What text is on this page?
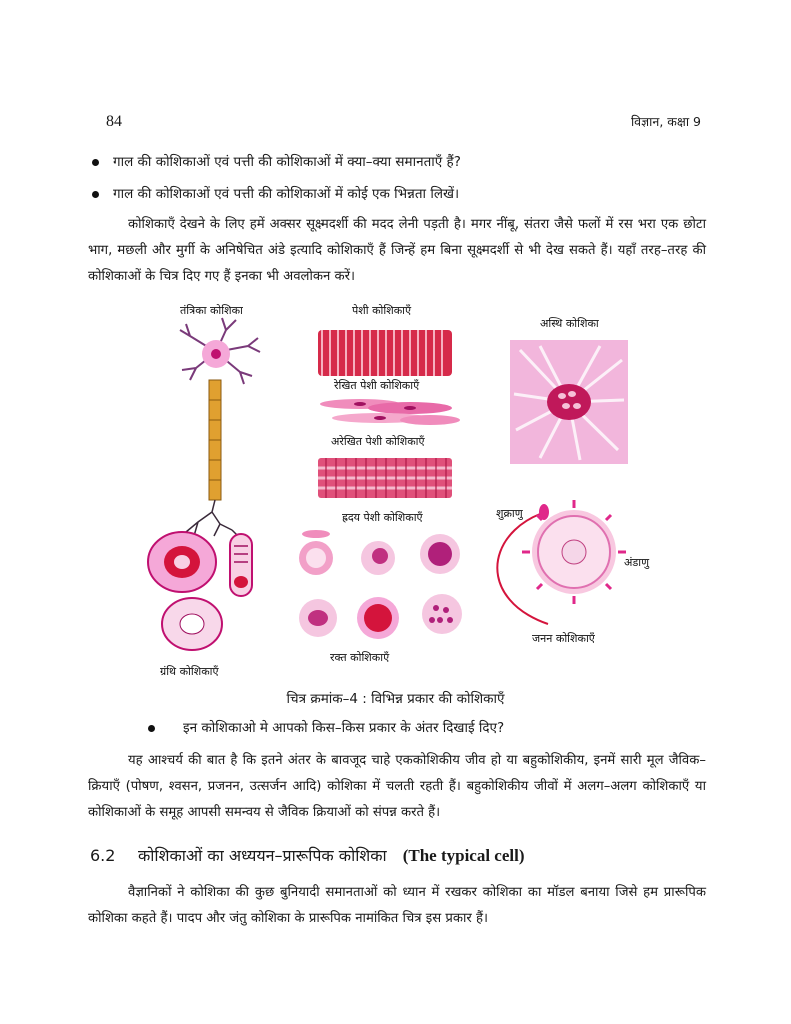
84	विज्ञान, कक्षा 9
गाल की कोशिकाओं एवं पत्ती की कोशिकाओं में क्या–क्या समानताएँ हैं?
गाल की कोशिकाओं एवं पत्ती की कोशिकाओं में कोई एक भिन्नता लिखें।
कोशिकाएँ देखने के लिए हमें अक्सर सूक्ष्मदर्शी की मदद लेनी पड़ती है। मगर नींबू, संतरा जैसे फलों में रस भरा एक छोटा भाग, मछली और मुर्गी के अनिषेचित अंडे इत्यादि कोशिकाएँ हैं जिन्हें हम बिना सूक्ष्मदर्शी से भी देख सकते हैं। यहाँ तरह–तरह की कोशिकाओं के चित्र दिए गए हैं इनका भी अवलोकन करें।
तंत्रिका कोशिका	पेशी कोशिकाएँ
अस्थि कोशिका
रेखित पेशी कोशिकाएँ
अरेखित पेशी कोशिकाएँ
ह्रदय पेशी कोशिकाएँ	शुक्राणु
अंडाणु
जनन कोशिकाएँ
रक्त कोशिकाएँ
ग्रंथि कोशिकाएँ
चित्र क्रमांक–4 : विभिन्न प्रकार की कोशिकाएँ
इन कोशिकाओ मे आपको किस–किस प्रकार के अंतर दिखाई दिए?
यह आश्चर्य की बात है कि इतने अंतर के बावजूद चाहे एककोशिकीय जीव हो या बहुकोशिकीय, इनमें सारी मूल जैविक–क्रियाएँ (पोषण, श्वसन, प्रजनन, उत्सर्जन आदि) कोशिका में चलती रहती हैं। बहुकोशिकीय जीवों में अलग–अलग कोशिकाएँ या कोशिकाओं के समूह आपसी समन्वय से जैविक क्रियाओं को संपन्न करते हैं।
6.2 कोशिकाओं का अध्ययन–प्रारूपिक कोशिका (The typical cell)
वैज्ञानिकों ने कोशिका की कुछ बुनियादी समानताओं को ध्यान में रखकर कोशिका का मॉडल बनाया जिसे हम प्रारूपिक कोशिका कहते हैं। पादप और जंतु कोशिका के प्रारूपिक नामांकित चित्र इस प्रकार हैं।
